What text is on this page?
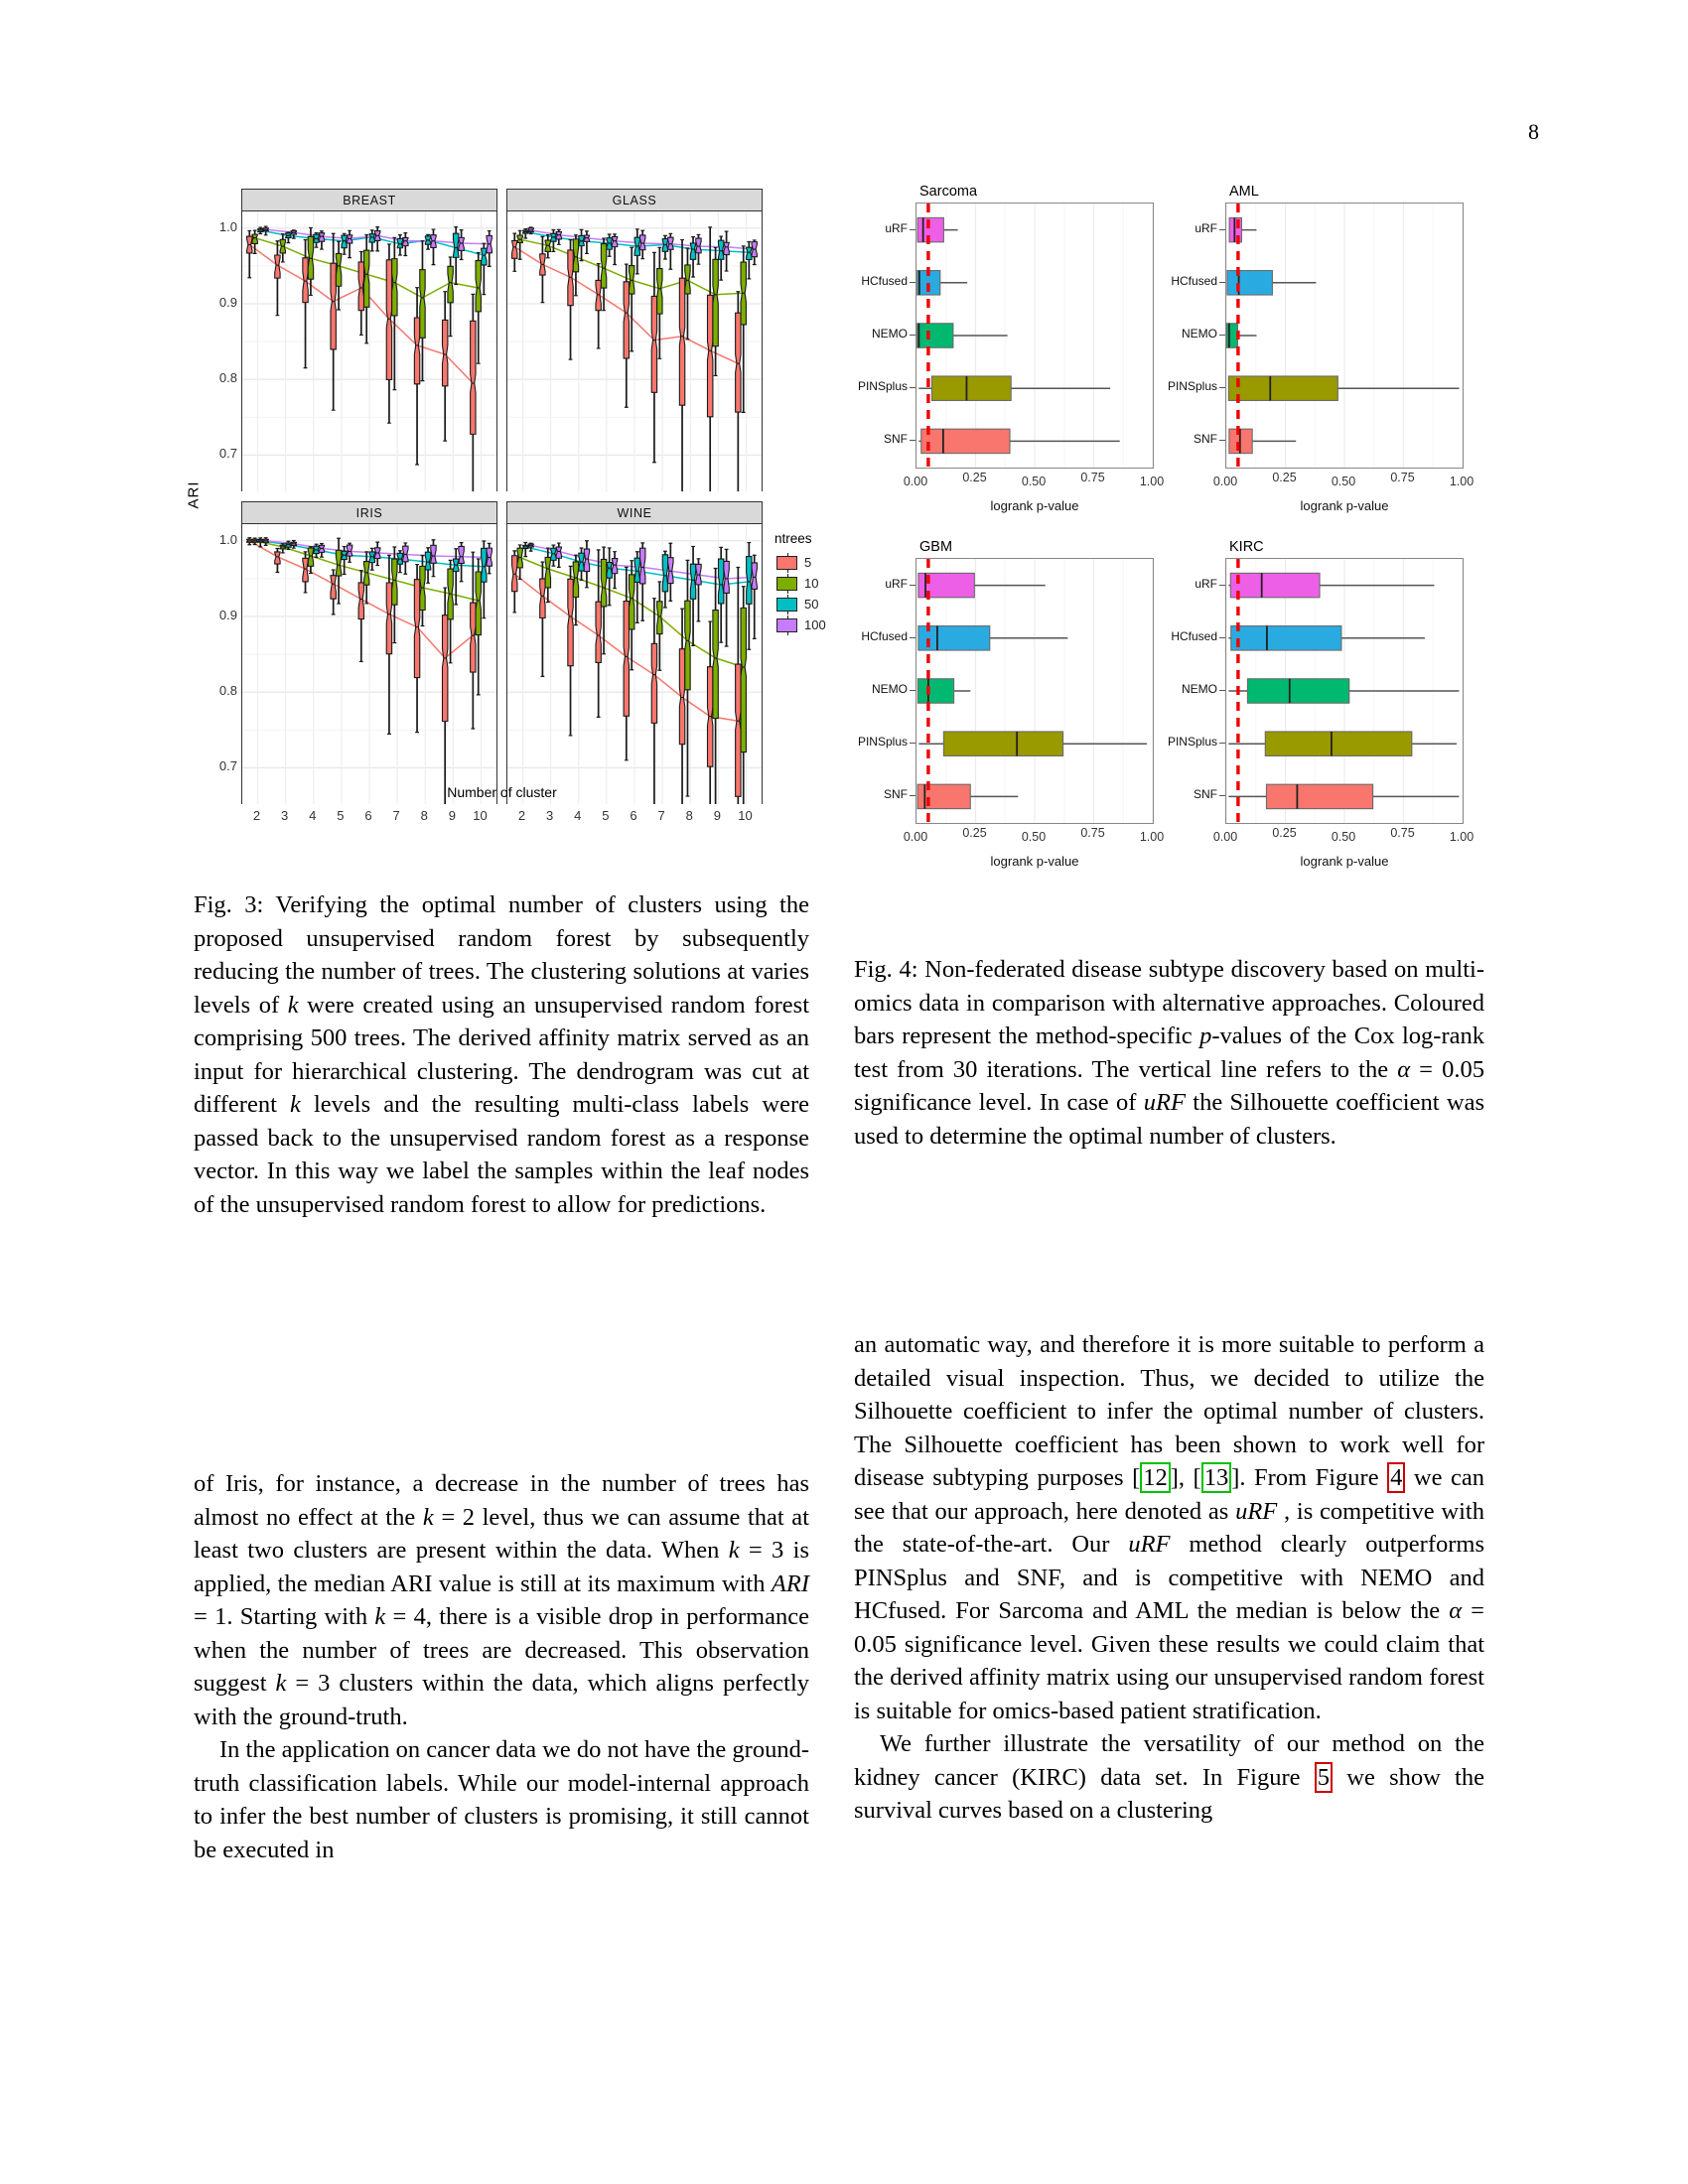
8
ARI
BREAST
1.0
0.9
0.8
0.7
GLASS
IRIS
1.0
0.9
0.8
0.7
2	3	4	5	6	7	8	9	10
WINE
2	3	4	5	6	7	8	9	10
Number of cluster
ntrees
5
10
50
100
Sarcoma
uRF
HCfused
NEMO
PINSplus
SNF
0.00	0.25	0.50	0.75	1.00
logrank p-value
AML
uRF
HCfused
NEMO
PINSplus
SNF
0.00	0.25	0.50	0.75	1.00
logrank p-value
GBM
uRF
HCfused
NEMO
PINSplus
SNF
0.00	0.25	0.50	0.75	1.00
logrank p-value
KIRC
uRF
HCfused
NEMO
PINSplus
SNF
0.00	0.25	0.50	0.75	1.00
logrank p-value
Fig. 3: Verifying the optimal number of clusters using the proposed unsupervised random forest by subsequently reducing the number of trees. The clustering solutions at varies levels of k were created using an unsupervised random forest comprising 500 trees. The derived affinity matrix served as an input for hierarchical clustering. The dendrogram was cut at different k levels and the resulting multi-class labels were passed back to the unsupervised random forest as a response vector. In this way we label the samples within the leaf nodes of the unsupervised random forest to allow for predictions.
Fig. 4: Non-federated disease subtype discovery based on multi-omics data in comparison with alternative approaches. Coloured bars represent the method-specific p-values of the Cox log-rank test from 30 iterations. The vertical line refers to the α = 0.05 significance level. In case of uRF the Silhouette coefficient was used to determine the optimal number of clusters.
of Iris, for instance, a decrease in the number of trees has almost no effect at the k = 2 level, thus we can assume that at least two clusters are present within the data. When k = 3 is applied, the median ARI value is still at its maximum with ARI = 1. Starting with k = 4, there is a visible drop in performance when the number of trees are decreased. This observation suggest k = 3 clusters within the data, which aligns perfectly with the ground-truth.
In the application on cancer data we do not have the ground-truth classification labels. While our model-internal approach to infer the best number of clusters is promising, it still cannot be executed in
an automatic way, and therefore it is more suitable to perform a detailed visual inspection. Thus, we decided to utilize the Silhouette coefficient to infer the optimal number of clusters. The Silhouette coefficient has been shown to work well for disease subtyping purposes [ 12 ], [ 13 ]. From Figure 4 we can see that our approach, here denoted as uRF , is competitive with the state-of-the-art. Our uRF method clearly outperforms PINSplus and SNF, and is competitive with NEMO and HCfused. For Sarcoma and AML the median is below the α = 0.05 significance level. Given these results we could claim that the derived affinity matrix using our unsupervised random forest is suitable for omics-based patient stratification.
We further illustrate the versatility of our method on the kidney cancer (KIRC) data set. In Figure 5 we show the survival curves based on a clustering
